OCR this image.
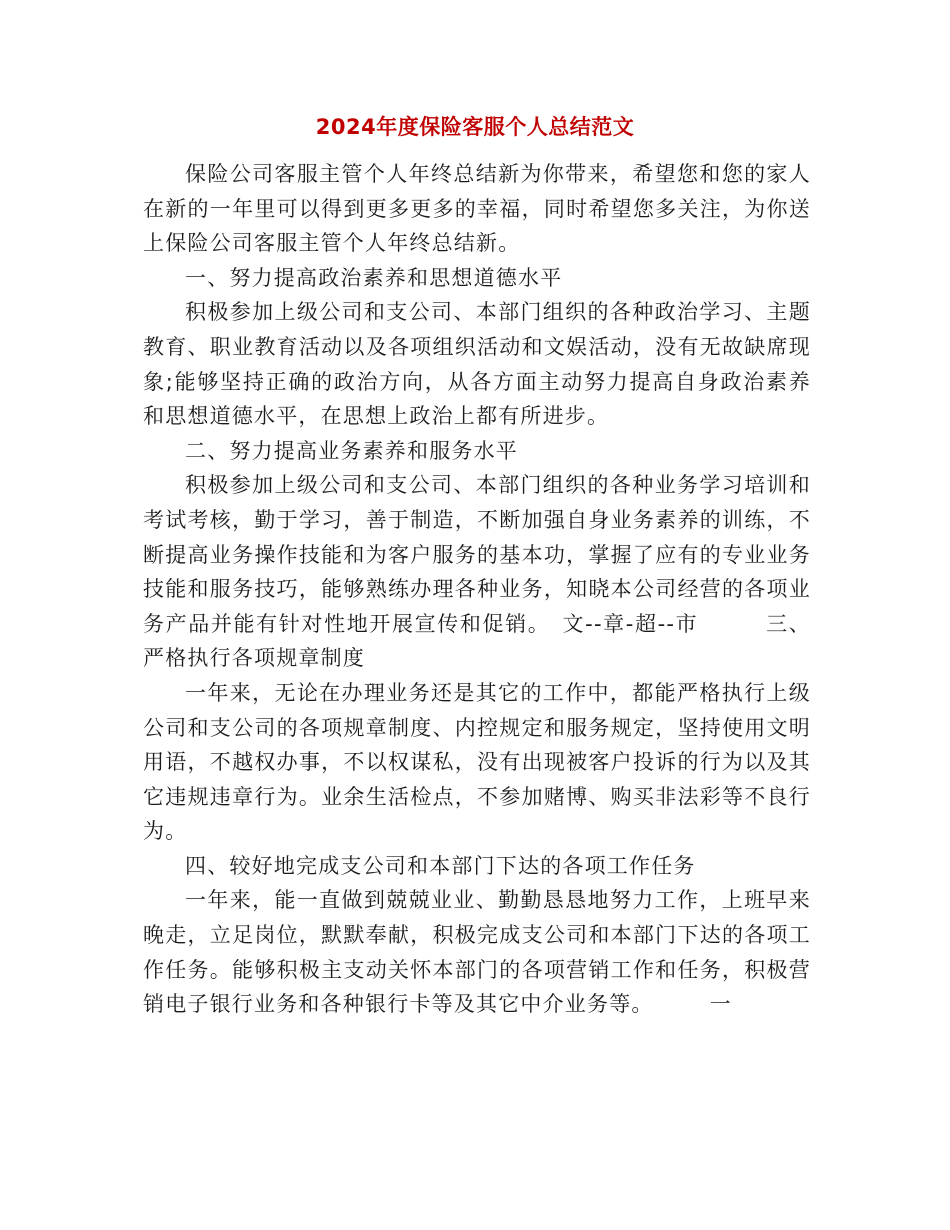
2024年度保险客服个人总结范文

保险公司客服主管个人年终总结新为你带来，希望您和您的家人在新的一年里可以得到更多更多的幸福，同时希望您多关注，为你送上保险公司客服主管个人年终总结新。

一、努力提高政治素养和思想道德水平

积极参加上级公司和支公司、本部门组织的各种政治学习、主题教育、职业教育活动以及各项组织活动和文娱活动，没有无故缺席现象;能够坚持正确的政治方向，从各方面主动努力提高自身政治素养和思想道德水平，在思想上政治上都有所进步。

二、努力提高业务素养和服务水平

积极参加上级公司和支公司、本部门组织的各种业务学习培训和考试考核，勤于学习，善于制造，不断加强自身业务素养的训练，不断提高业务操作技能和为客户服务的基本功，掌握了应有的专业业务技能和服务技巧，能够熟练办理各种业务，知晓本公司经营的各项业务产品并能有针对性地开展宣传和促销。　文--章-超--市　　　三、严格执行各项规章制度

一年来，无论在办理业务还是其它的工作中，都能严格执行上级公司和支公司的各项规章制度、内控规定和服务规定，坚持使用文明用语，不越权办事，不以权谋私，没有出现被客户投诉的行为以及其它违规违章行为。业余生活检点，不参加赌博、购买非法彩等不良行为。

四、较好地完成支公司和本部门下达的各项工作任务

一年来，能一直做到兢兢业业、勤勤恳恳地努力工作，上班早来晚走，立足岗位，默默奉献，积极完成支公司和本部门下达的各项工作任务。能够积极主支动关怀本部门的各项营销工作和任务，积极营销电子银行业务和各种银行卡等及其它中介业务等。　　　一
